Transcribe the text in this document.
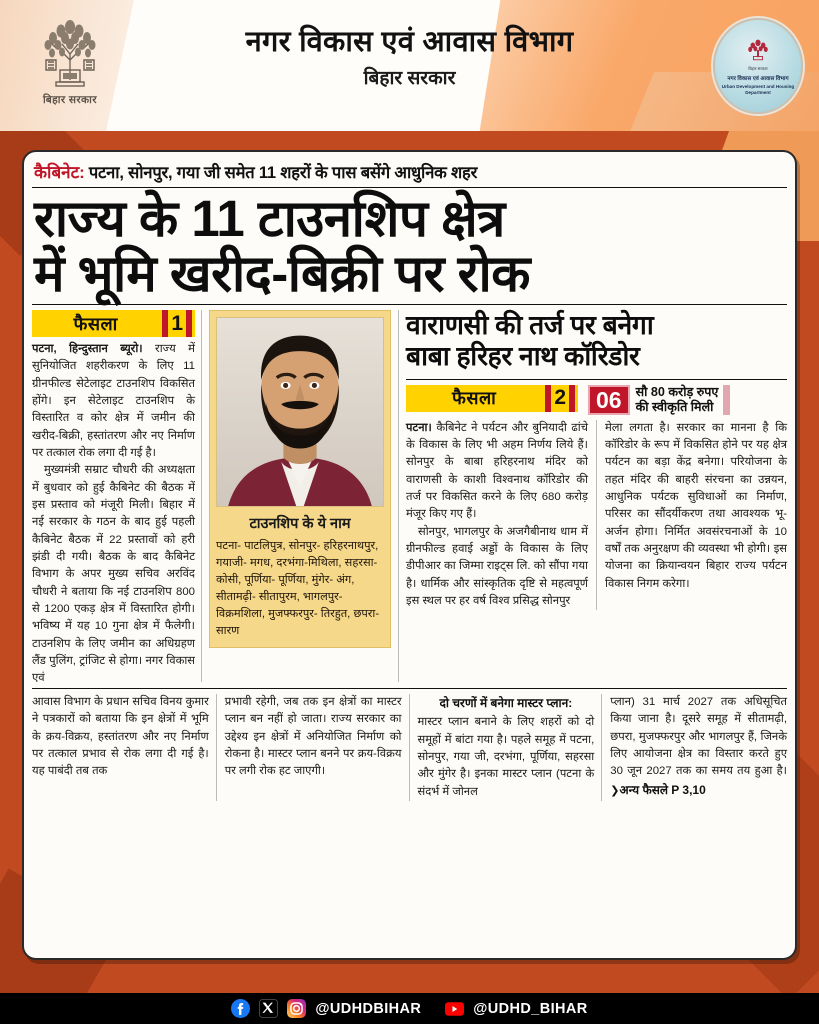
बिहार सरकार
नगर विकास एवं आवास विभाग
बिहार सरकार
बिहार सरकार
नगर विकास एवं आवास विभाग
Urban Development and Housing Department
कैबिनेट: पटना, सोनपुर, गया जी समेत 11 शहरों के पास बसेंगे आधुनिक शहर
राज्य के 11 टाउनशिप क्षेत्र
में भूमि खरीद-बिक्री पर रोक
फैसला	1

पटना, हिन्दुस्तान ब्यूरो। राज्य में सुनियोजित शहरीकरण के लिए 11 ग्रीनफील्ड सेटेलाइट टाउनशिप विकसित होंगे। इन सेटेलाइट टाउनशिप के विस्तारित व कोर क्षेत्र में जमीन की खरीद-बिक्री, हस्तांतरण और नए निर्माण पर तत्काल रोक लगा दी गई है।

मुख्यमंत्री सम्राट चौधरी की अध्यक्षता में बुधवार को हुई कैबिनेट की बैठक में इस प्रस्ताव को मंजूरी मिली। बिहार में नई सरकार के गठन के बाद हुई पहली कैबिनेट बैठक में 22 प्रस्तावों को हरी झंडी दी गयी। बैठक के बाद कैबिनेट विभाग के अपर मुख्य सचिव अरविंद चौधरी ने बताया कि नई टाउनशिप 800 से 1200 एकड़ क्षेत्र में विस्तारित होगी। भविष्य में यह 10 गुना क्षेत्र में फैलेगी। टाउनशिप के लिए जमीन का अधिग्रहण लैंड पुलिंग, ट्रांजिट से होगा। नगर विकास एवं

टाउनशिप के ये नाम
पटना- पाटलिपुत्र, सोनपुर- हरिहरनाथपुर, गयाजी- मगध, दरभंगा-मिथिला, सहरसा- कोसी, पूर्णिया- पूर्णिया, मुंगेर- अंग, सीतामढ़ी- सीतापुरम, भागलपुर-विक्रमशिला, मुजफ्फरपुर- तिरहुत, छपरा- सारण
वाराणसी की तर्ज पर बनेगा
बाबा हरिहर नाथ कॉरिडोर
फैसला	2	06	सौ 80 करोड़ रुपए
की स्वीकृति मिली

पटना। कैबिनेट ने पर्यटन और बुनियादी ढांचे के विकास के लिए भी अहम निर्णय लिये हैं। सोनपुर के बाबा हरिहरनाथ मंदिर को वाराणसी के काशी विश्वनाथ कॉरिडोर की तर्ज पर विकसित करने के लिए 680 करोड़ मंजूर किए गए हैं।

सोनपुर, भागलपुर के अजगैबीनाथ धाम में ग्रीनफील्ड हवाई अड्डों के विकास के लिए डीपीआर का जिम्मा राइट्स लि. को सौंपा गया है। धार्मिक और सांस्कृतिक दृष्टि से महत्वपूर्ण इस स्थल पर हर वर्ष विश्व प्रसिद्ध सोनपुर

मेला लगता है। सरकार का मानना है कि कॉरिडोर के रूप में विकसित होने पर यह क्षेत्र पर्यटन का बड़ा केंद्र बनेगा। परियोजना के तहत मंदिर की बाहरी संरचना का उन्नयन, आधुनिक पर्यटक सुविधाओं का निर्माण, परिसर का सौंदर्यीकरण तथा आवश्यक भू-अर्जन होगा। निर्मित अवसंरचनाओं के 10 वर्षों तक अनुरक्षण की व्यवस्था भी होगी। इस योजना का क्रियान्वयन बिहार राज्य पर्यटन विकास निगम करेगा।

आवास विभाग के प्रधान सचिव विनय कुमार ने पत्रकारों को बताया कि इन क्षेत्रों में भूमि के क्रय-विक्रय, हस्तांतरण और नए निर्माण पर तत्काल प्रभाव से रोक लगा दी गई है। यह पाबंदी तब तक

प्रभावी रहेगी, जब तक इन क्षेत्रों का मास्टर प्लान बन नहीं हो जाता। राज्य सरकार का उद्देश्य इन क्षेत्रों में अनियोजित निर्माण को रोकना है। मास्टर प्लान बनने पर क्रय-विक्रय पर लगी रोक हट जाएगी।

दो चरणों में बनेगा मास्टर प्लान:

मास्टर प्लान बनाने के लिए शहरों को दो समूहों में बांटा गया है। पहले समूह में पटना, सोनपुर, गया जी, दरभंगा, पूर्णिया, सहरसा और मुंगेर है। इनका मास्टर प्लान (पटना के संदर्भ में जोनल

प्लान) 31 मार्च 2027 तक अधिसूचित किया जाना है। दूसरे समूह में सीतामढ़ी, छपरा, मुजफ्फरपुर और भागलपुर हैं, जिनके लिए आयोजना क्षेत्र का विस्तार करते हुए 30 जून 2027 तक का समय तय हुआ है। ❯अन्य फैसले P 3,10

@UDHDBIHAR	@UDHD_BIHAR
